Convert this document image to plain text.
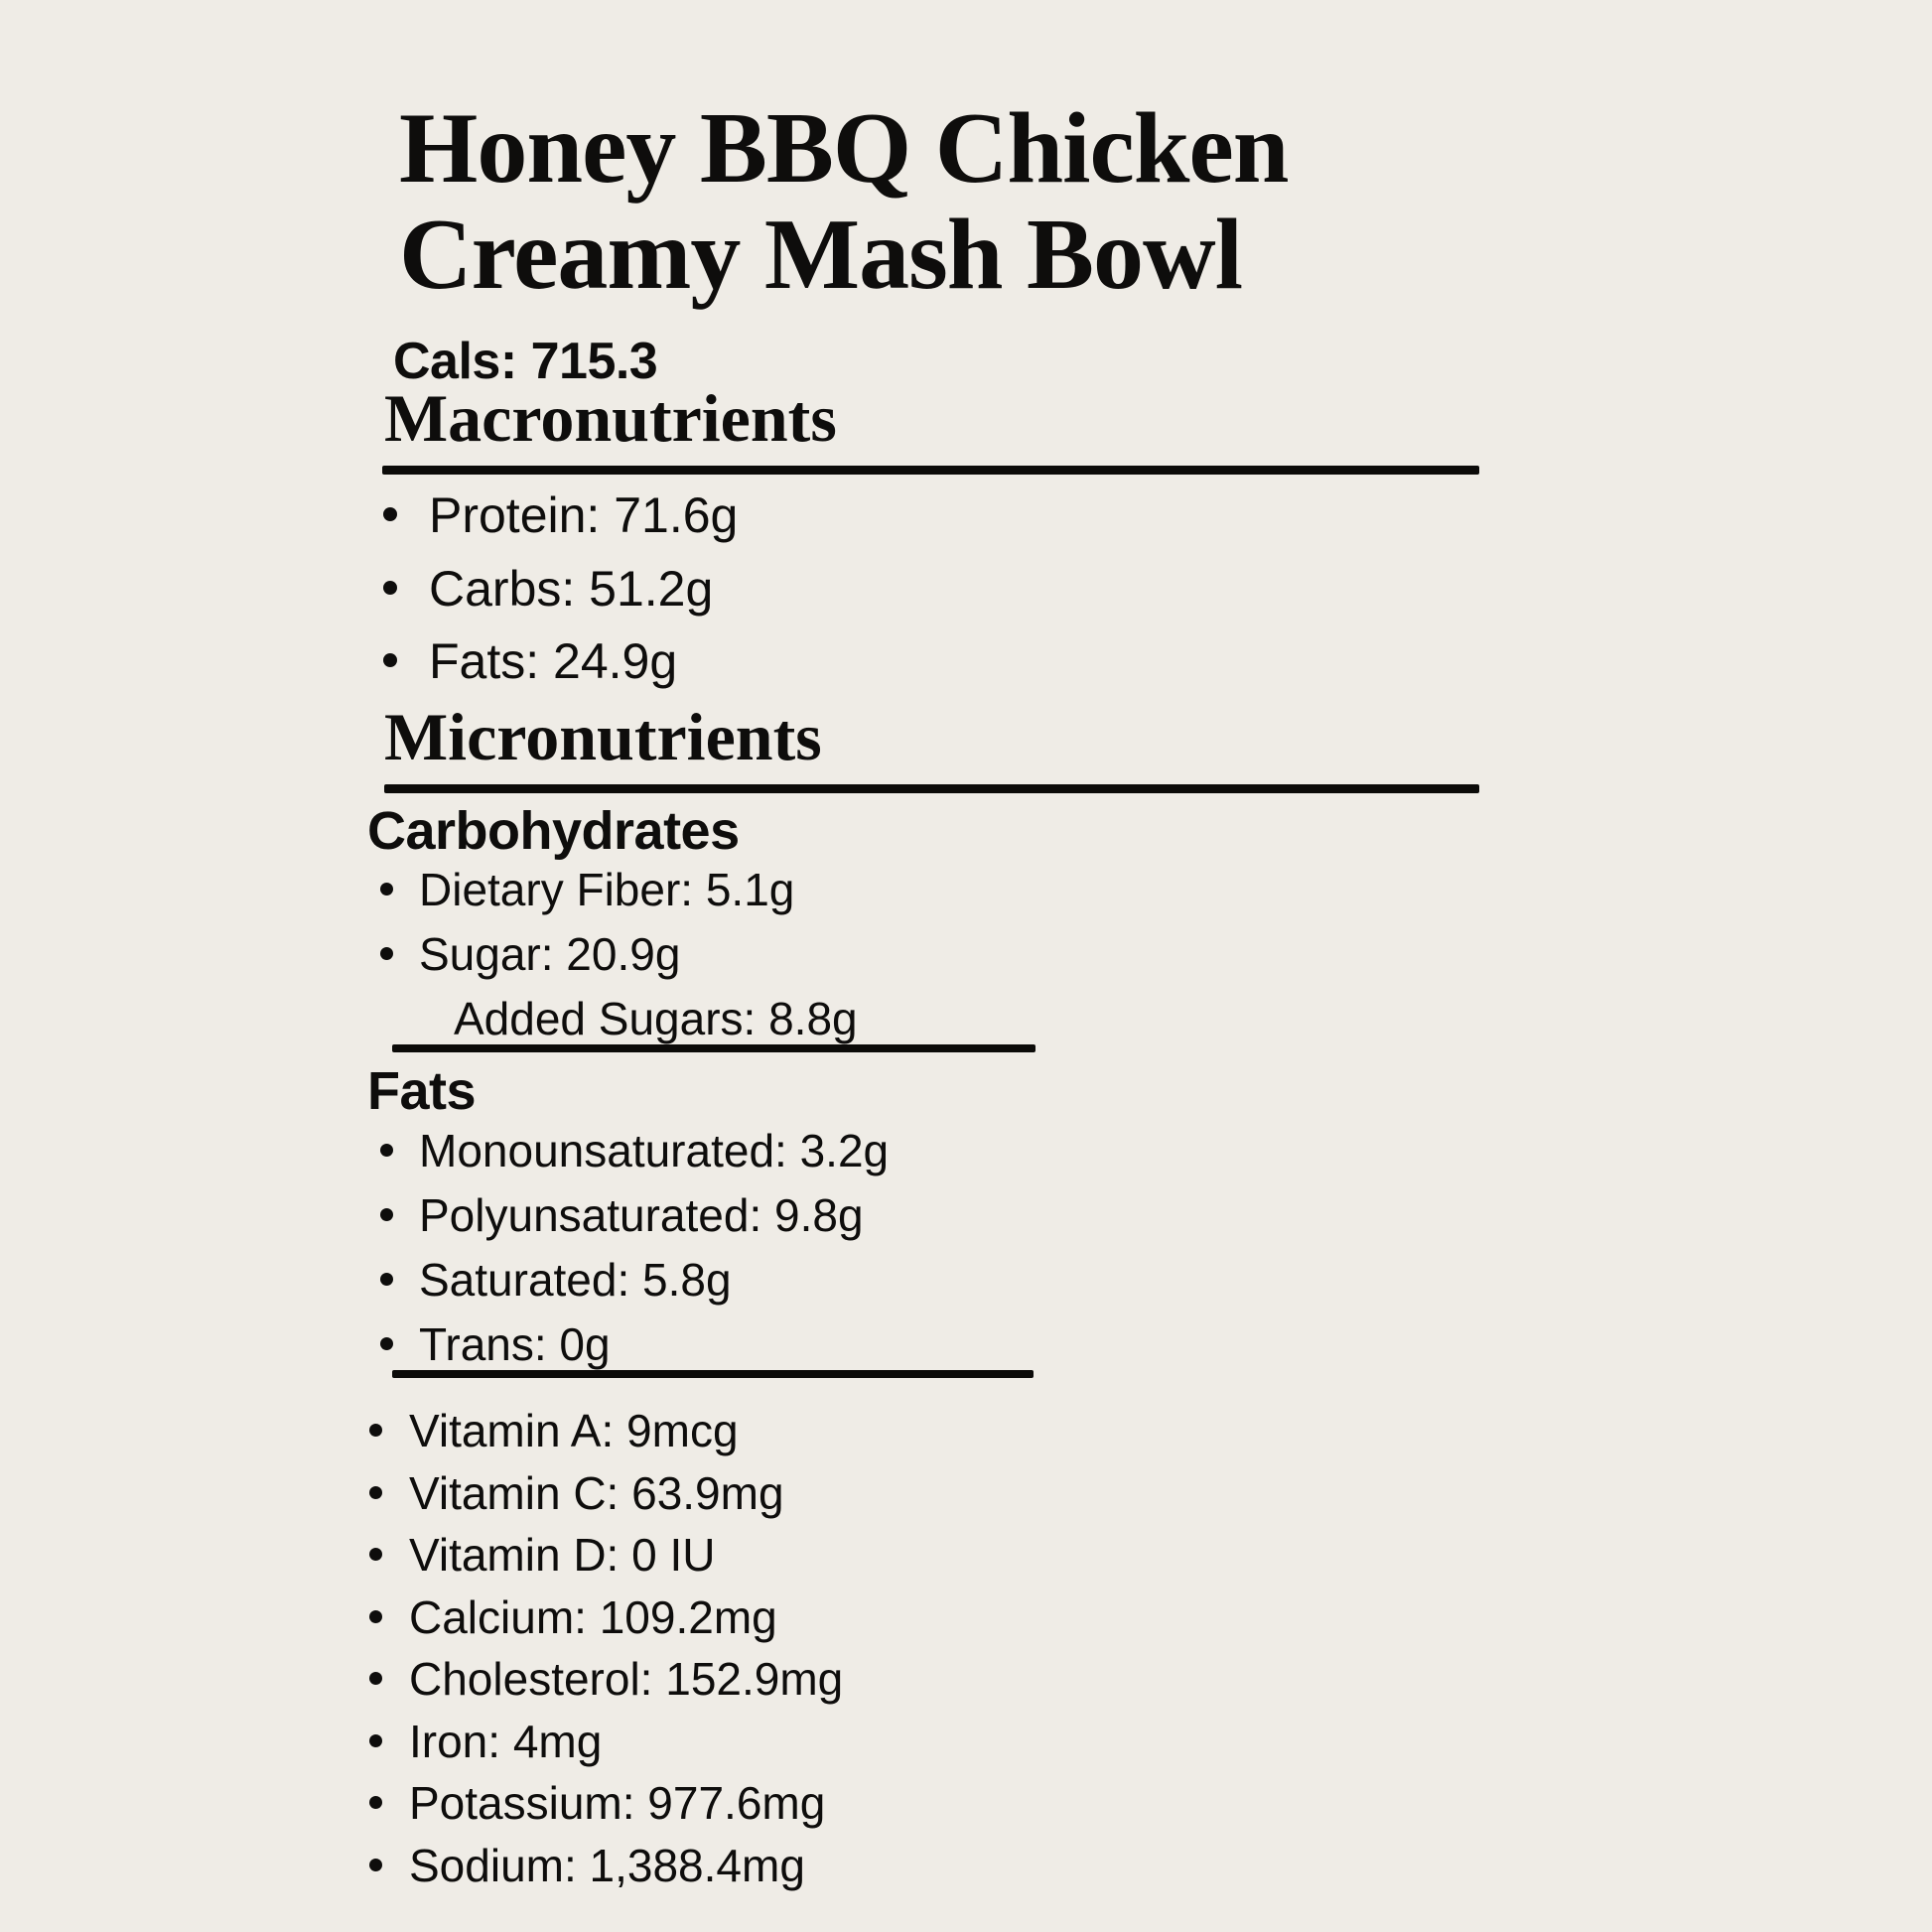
Honey BBQ Chicken
Creamy Mash Bowl
Cals: 715.3
Macronutrients
Protein: 71.6g
Carbs: 51.2g
Fats: 24.9g
Micronutrients
Carbohydrates
Dietary Fiber: 5.1g
Sugar: 20.9g
Added Sugars: 8.8g
Fats
Monounsaturated: 3.2g
Polyunsaturated: 9.8g
Saturated: 5.8g
Trans: 0g
Vitamin A: 9mcg
Vitamin C: 63.9mg
Vitamin D: 0 IU
Calcium: 109.2mg
Cholesterol: 152.9mg
Iron: 4mg
Potassium: 977.6mg
Sodium: 1,388.4mg
